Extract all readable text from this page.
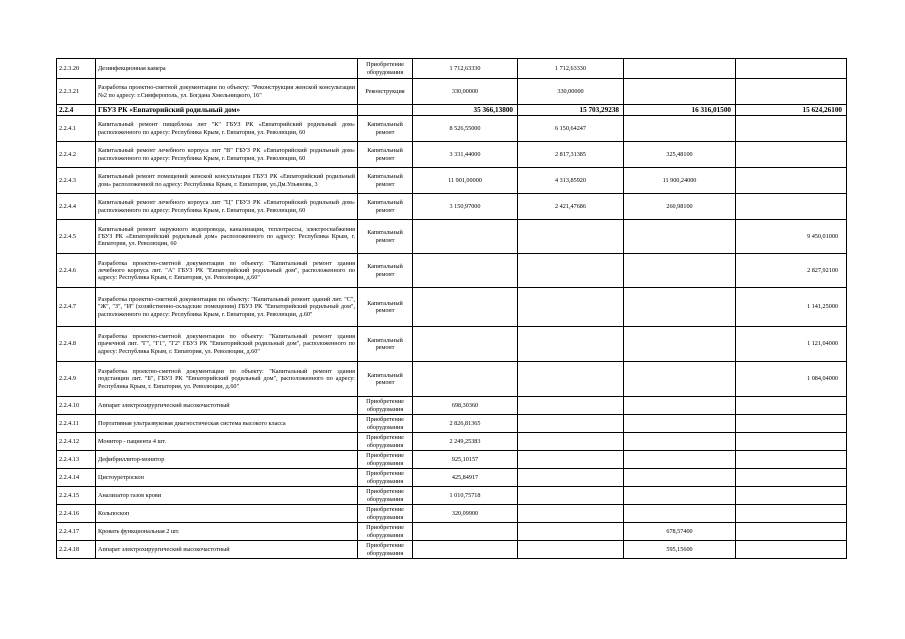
2.2.3.20	Дезинфекционная камера	Приобретение оборудования	1 712,63330	1 712,63330		
2.2.3.21	Разработка проектно-сметной документации по объекту: "Реконструкция женской консультации №2 по адресу: г.Симферополь, ул. Богдана Хмельницкого, 16"	Реконструкция	330,00000	330,00000		
2.2.4	ГБУЗ РК «Евпаторийский родильный дом»		35 366,13800	15 703,29238	16 316,01500	15 624,26100
2.2.4.1	Капитальный ремонт пищеблока лит "К" ГБУЗ РК «Евпаторийский родильный дом» расположенного по адресу: Республика Крым, г. Евпатория, ул. Революции, 60	Капитальный ремонт	8 526,55000	6 150,64247		
2.2.4.2	Капитальный ремонт лечебного корпуса лит "В" ГБУЗ РК «Евпаторийский родильный дом» расположенного по адресу: Республика Крым, г. Евпатория, ул. Революции, 60	Капитальный ремонт	3 331,44000	2 817,31385	325,48100	
2.2.4.3	Капитальный ремонт помещений женской консультации ГБУЗ РК «Евпаторийский родильный дом» расположенной по адресу: Республика Крым, г. Евпатория, ул.Дм.Ульянова, 3	Капитальный ремонт	11 901,00000	4 313,85920	11 900,24000	
2.2.4.4	Капитальный ремонт лечебного корпуса лит "Ц" ГБУЗ РК «Евпаторийский родильный дом» расположенного по адресу: Республика Крым, г. Евпатория, ул. Революции, 60	Капитальный ремонт	3 150,97000	2 421,47686	260,98100	
2.2.4.5	Капитальный ремонт наружного водопровода, канализации, теплотрассы, электроснабжения ГБУЗ РК «Евпаторийский родильный дом» расположенного по адресу: Республика Крым, г. Евпатория, ул. Революции, 60	Капитальный ремонт				9 450,01000
2.2.4.6	Разработка проектно-сметной документации по объекту: "Капитальный ремонт здания лечебного корпуса лит. "А" ГБУЗ РК "Евпаторийский родильный дом", расположенного по адресу: Республика Крым, г. Евпатория, ул. Революции, д.60"	Капитальный ремонт				2 827,92100
2.2.4.7	Разработка проектно-сметной документации по объекту: "Капитальный ремонт зданий лит. "С", "Ж", "З", "И" (хозяйственно-складские помещения) ГБУЗ РК "Евпаторийский родильный дом", расположенного по адресу: Республика Крым, г. Евпатория, ул. Революции, д.60"	Капитальный ремонт				1 141,25000
2.2.4.8	Разработка проектно-сметной документации по объекту: "Капитальный ремонт здания прачечной лит. "Г", "Г1", "Г2" ГБУЗ РК "Евпаторийский родильный дом", расположенного по адресу: Республика Крым, г. Евпатория, ул. Революции, д.60"	Капитальный ремонт				1 121,04000
2.2.4.9	Разработка проектно-сметной документации по объекту: "Капитальный ремонт здания подстанции лит. "Б", ГБУЗ РК "Евпаторийский родильный дом", расположенного по адресу: Республика Крым, г. Евпатория, ул. Революции, д.60"	Капитальный ремонт				1 084,04000
2.2.4.10	Аппарат электрохирургический высокочастотный	Приобретение оборудования	698,30360			
2.2.4.11	Портативная ультразвуковая диагностическая система высокого класса	Приобретение оборудования	2 826,81365			
2.2.4.12	Монитор - пациента 4 шт.	Приобретение оборудования	2 249,25383			
2.2.4.13	Дефибриллятор-монитор	Приобретение оборудования	925,10157			
2.2.4.14	Цистоуретроскоп	Приобретение оборудования	425,84917			
2.2.4.15	Анализатор газов крови	Приобретение оборудования	1 010,75718			
2.2.4.16	Кольпоскоп	Приобретение оборудования	320,09900			
2.2.4.17	Кровать функциональная 2 шт.	Приобретение оборудования			678,57400	
2.2.4.18	Аппарат электрохирургический высокочастотный	Приобретение оборудования			595,15600	
